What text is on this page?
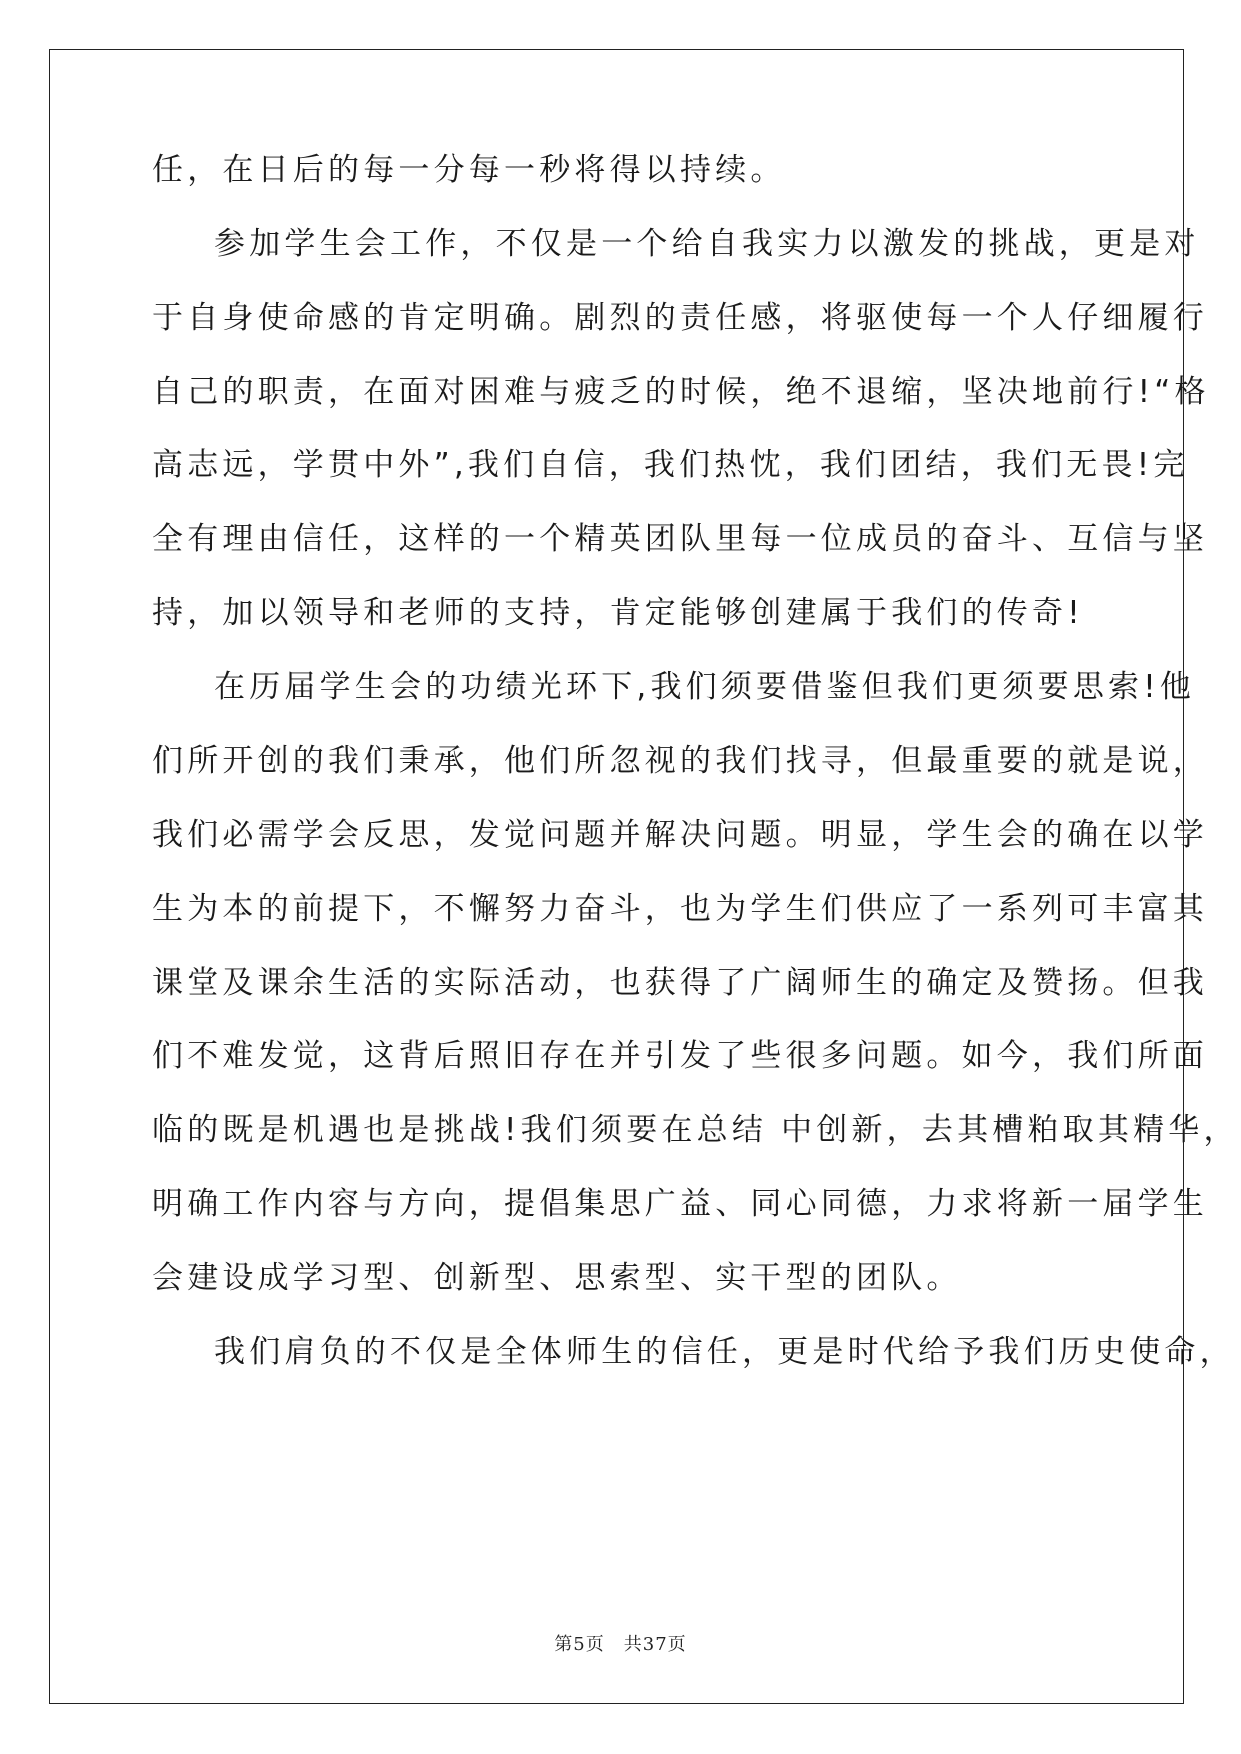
任，在日后的每一分每一秒将得以持续。
参加学生会工作，不仅是一个给自我实力以激发的挑战，更是对
于自身使命感的肯定明确。剧烈的责任感，将驱使每一个人仔细履行
自己的职责，在面对困难与疲乏的时候，绝不退缩，坚决地前行!“格
高志远，学贯中外”,我们自信，我们热忱，我们团结，我们无畏!完
全有理由信任，这样的一个精英团队里每一位成员的奋斗、互信与坚
持，加以领导和老师的支持，肯定能够创建属于我们的传奇!
在历届学生会的功绩光环下,我们须要借鉴但我们更须要思索!他
们所开创的我们秉承，他们所忽视的我们找寻，但最重要的就是说，
我们必需学会反思，发觉问题并解决问题。明显，学生会的确在以学
生为本的前提下，不懈努力奋斗，也为学生们供应了一系列可丰富其
课堂及课余生活的实际活动，也获得了广阔师生的确定及赞扬。但我
们不难发觉，这背后照旧存在并引发了些很多问题。如今，我们所面
临的既是机遇也是挑战!我们须要在总结 中创新，去其槽粕取其精华，
明确工作内容与方向，提倡集思广益、同心同德，力求将新一届学生
会建设成学习型、创新型、思索型、实干型的团队。
我们肩负的不仅是全体师生的信任，更是时代给予我们历史使命，
第5页　共37页
